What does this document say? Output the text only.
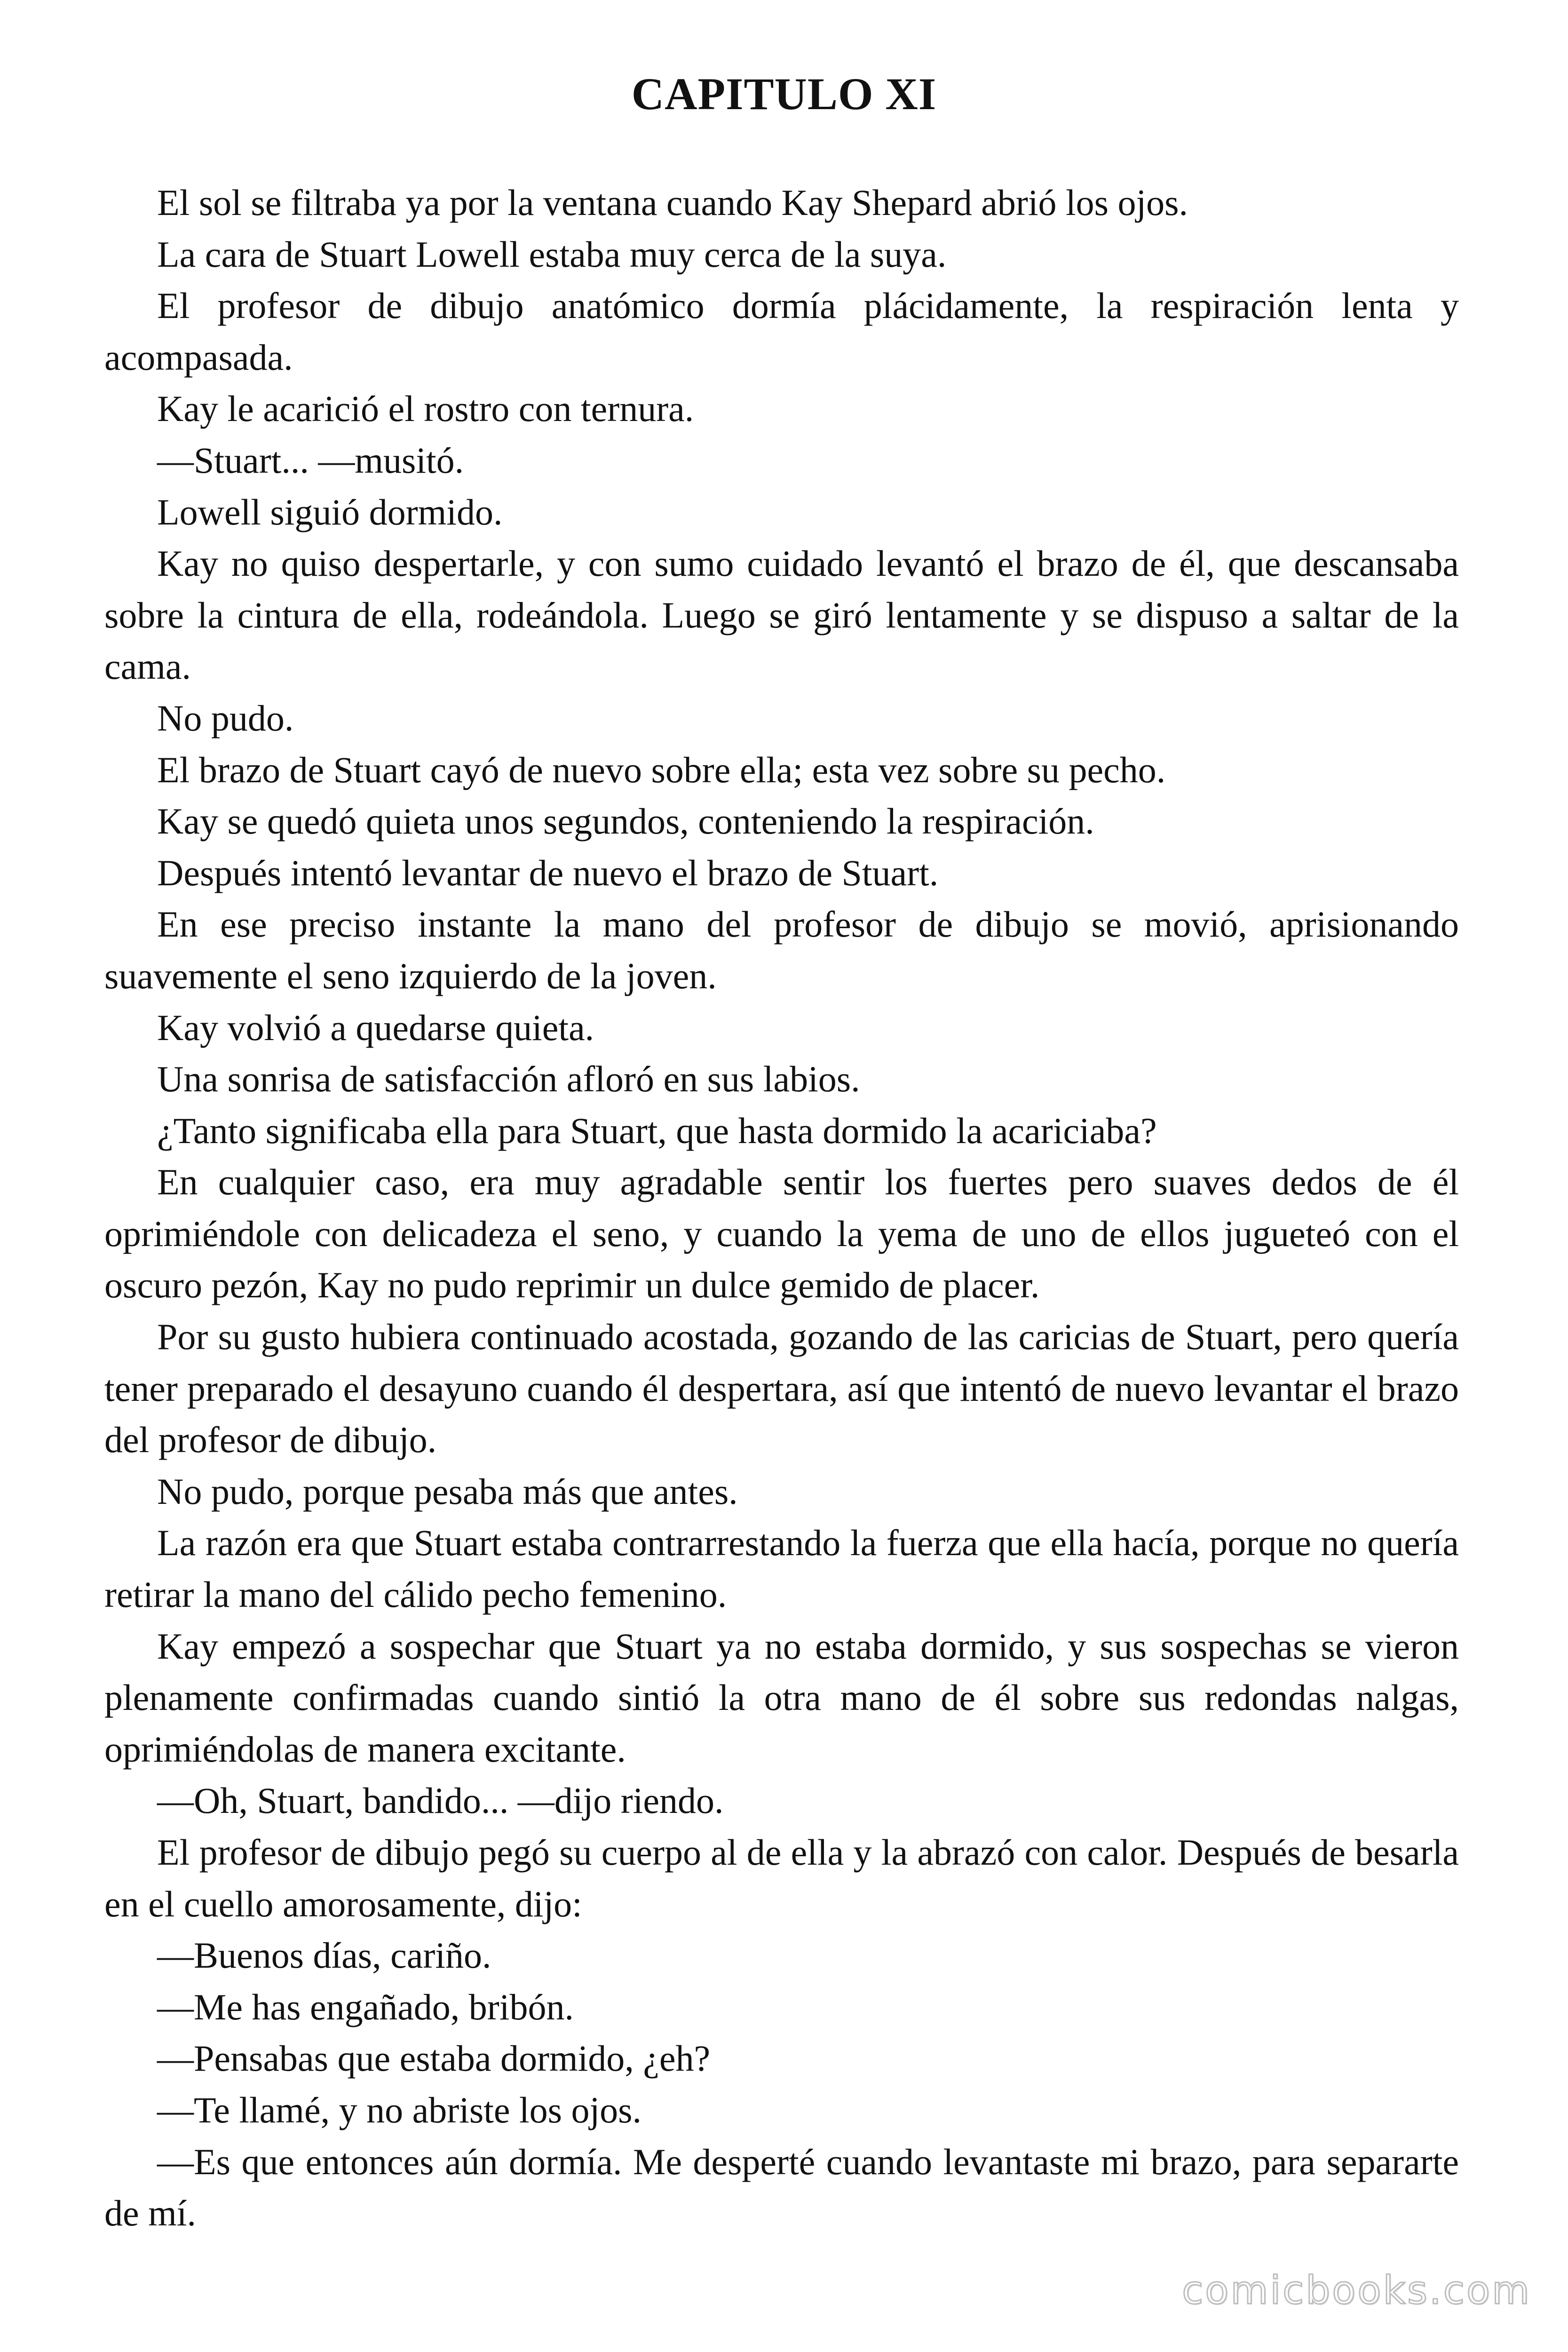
CAPITULO XI

El sol se filtraba ya por la ventana cuando Kay Shepard abrió los ojos.

La cara de Stuart Lowell estaba muy cerca de la suya.

El profesor de dibujo anatómico dormía plácidamente, la respiración lenta y acompasada.

Kay le acarició el rostro con ternura.

—Stuart... —musitó.

Lowell siguió dormido.

Kay no quiso despertarle, y con sumo cuidado levantó el brazo de él, que descansaba sobre la cintura de ella, rodeándola. Luego se giró lentamente y se dispuso a saltar de la cama.

No pudo.

El brazo de Stuart cayó de nuevo sobre ella; esta vez sobre su pecho.

Kay se quedó quieta unos segundos, conteniendo la respiración.

Después intentó levantar de nuevo el brazo de Stuart.

En ese preciso instante la mano del profesor de dibujo se movió, aprisionando suavemente el seno izquierdo de la joven.

Kay volvió a quedarse quieta.

Una sonrisa de satisfacción afloró en sus labios.

¿Tanto significaba ella para Stuart, que hasta dormido la acariciaba?

En cualquier caso, era muy agradable sentir los fuertes pero suaves dedos de él oprimiéndole con delicadeza el seno, y cuando la yema de uno de ellos jugueteó con el oscuro pezón, Kay no pudo reprimir un dulce gemido de placer.

Por su gusto hubiera continuado acostada, gozando de las caricias de Stuart, pero quería tener preparado el desayuno cuando él despertara, así que intentó de nuevo levantar el brazo del profesor de dibujo.

No pudo, porque pesaba más que antes.

La razón era que Stuart estaba contrarrestando la fuerza que ella hacía, porque no quería retirar la mano del cálido pecho femenino.

Kay empezó a sospechar que Stuart ya no estaba dormido, y sus sospechas se vieron plenamente confirmadas cuando sintió la otra mano de él sobre sus redondas nalgas, oprimiéndolas de manera excitante.

—Oh, Stuart, bandido... —dijo riendo.

El profesor de dibujo pegó su cuerpo al de ella y la abrazó con calor. Después de besarla en el cuello amorosamente, dijo:

—Buenos días, cariño.

—Me has engañado, bribón.

—Pensabas que estaba dormido, ¿eh?

—Te llamé, y no abriste los ojos.

—Es que entonces aún dormía. Me desperté cuando levantaste mi brazo, para separarte de mí.

comicbooks.com
